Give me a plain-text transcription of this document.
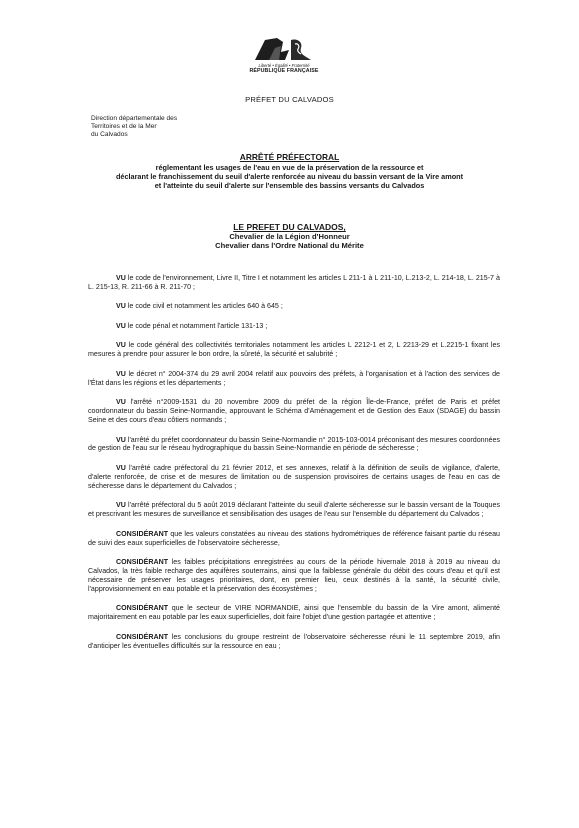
Liberté • Égalité • Fraternité
RÉPUBLIQUE FRANÇAISE
PRÉFET DU CALVADOS
Direction départementale des
Territoires et de la Mer
du Calvados
ARRÊTÉ PRÉFECTORAL
réglementant les usages de l'eau en vue de la préservation de la ressource et
déclarant le franchissement du seuil d'alerte renforcée au niveau du bassin versant de la Vire amont
et l'atteinte du seuil d'alerte sur l'ensemble des bassins versants du Calvados
LE PREFET DU CALVADOS,
Chevalier de la Légion d'Honneur
Chevalier dans l'Ordre National du Mérite

VU le code de l'environnement, Livre II, Titre I et notamment les articles L 211-1 à L 211-10, L.213-2, L. 214-18, L. 215-7 à L. 215-13, R. 211-66 à R. 211-70 ;

VU le code civil et notamment les articles 640 à 645 ;

VU le code pénal et notamment l'article 131-13 ;

VU le code général des collectivités territoriales notamment les articles L 2212-1 et 2, L 2213-29 et L.2215-1 fixant les mesures à prendre pour assurer le bon ordre, la sûreté, la sécurité et salubrité ;

VU le décret n° 2004-374 du 29 avril 2004 relatif aux pouvoirs des préfets, à l'organisation et à l'action des services de l'État dans les régions et les départements ;

VU l'arrêté n°2009-1531 du 20 novembre 2009 du préfet de la région Île-de-France, préfet de Paris et préfet coordonnateur du bassin Seine-Normandie, approuvant le Schéma d'Aménagement et de Gestion des Eaux (SDAGE) du bassin Seine et des cours d'eau côtiers normands ;

VU l'arrêté du préfet coordonnateur du bassin Seine-Normandie n° 2015-103-0014 préconisant des mesures coordonnées de gestion de l'eau sur le réseau hydrographique du bassin Seine-Normandie en période de sécheresse ;

VU l'arrêté cadre préfectoral du 21 février 2012, et ses annexes, relatif à la définition de seuils de vigilance, d'alerte, d'alerte renforcée, de crise et de mesures de limitation ou de suspension provisoires de certains usages de l'eau en cas de sécheresse dans le département du Calvados ;

VU l'arrêté préfectoral du 5 août 2019 déclarant l'atteinte du seuil d'alerte sécheresse sur le bassin versant de la Touques et prescrivant les mesures de surveillance et sensibilisation des usages de l'eau sur l'ensemble du département du Calvados ;

CONSIDÉRANT que les valeurs constatées au niveau des stations hydrométriques de référence faisant partie du réseau de suivi des eaux superficielles de l'observatoire sécheresse,

CONSIDÉRANT les faibles précipitations enregistrées au cours de la période hivernale 2018 à 2019 au niveau du Calvados, la très faible recharge des aquifères souterrains, ainsi que la faiblesse générale du débit des cours d'eau et qu'il est nécessaire de préserver les usages prioritaires, dont, en premier lieu, ceux destinés à la santé, la sécurité civile, l'approvisionnement en eau potable et la préservation des écosystèmes ;

CONSIDÉRANT que le secteur de VIRE NORMANDIE, ainsi que l'ensemble du bassin de la Vire amont, alimenté majoritairement en eau potable par les eaux superficielles, doit faire l'objet d'une gestion partagée et attentive ;

CONSIDÉRANT les conclusions du groupe restreint de l'observatoire sécheresse réuni le 11 septembre 2019, afin d'anticiper les éventuelles difficultés sur la ressource en eau ;
